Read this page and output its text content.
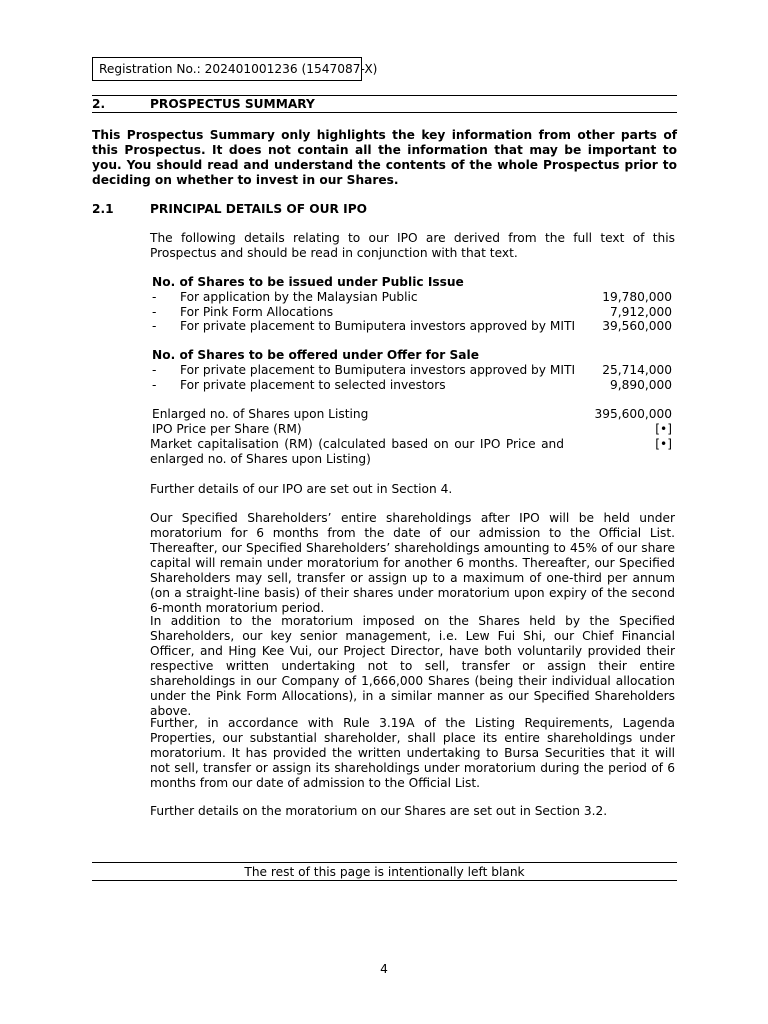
Registration No.: 202401001236 (1547087-X)
2.	PROSPECTUS SUMMARY
This Prospectus Summary only highlights the key information from other parts of this Prospectus. It does not contain all the information that may be important to you. You should read and understand the contents of the whole Prospectus prior to deciding on whether to invest in our Shares.
2.1	PRINCIPAL DETAILS OF OUR IPO
The following details relating to our IPO are derived from the full text of this Prospectus and should be read in conjunction with that text.
No. of Shares to be issued under Public Issue
- For application by the Malaysian Public	19,780,000
- For Pink Form Allocations	7,912,000
- For private placement to Bumiputera investors approved by MITI 39,560,000
No. of Shares to be offered under Offer for Sale
- For private placement to Bumiputera investors approved by MITI 25,714,000
- For private placement to selected investors	9,890,000
Enlarged no. of Shares upon Listing	395,600,000
IPO Price per Share (RM)	[•]
Market capitalisation (RM) (calculated based on our IPO Price and enlarged no. of Shares upon Listing)
[•]
Further details of our IPO are set out in Section 4.
Our Specified Shareholders’ entire shareholdings after IPO will be held under moratorium for 6 months from the date of our admission to the Official List. Thereafter, our Specified Shareholders’ shareholdings amounting to 45% of our share capital will remain under moratorium for another 6 months. Thereafter, our Specified Shareholders may sell, transfer or assign up to a maximum of one-third per annum (on a straight-line basis) of their shares under moratorium upon expiry of the second 6-month moratorium period.
In addition to the moratorium imposed on the Shares held by the Specified Shareholders, our key senior management, i.e. Lew Fui Shi, our Chief Financial Officer, and Hing Kee Vui, our Project Director, have both voluntarily provided their respective written undertaking not to sell, transfer or assign their entire shareholdings in our Company of 1,666,000 Shares (being their individual allocation under the Pink Form Allocations), in a similar manner as our Specified Shareholders above.
Further, in accordance with Rule 3.19A of the Listing Requirements, Lagenda Properties, our substantial shareholder, shall place its entire shareholdings under moratorium. It has provided the written undertaking to Bursa Securities that it will not sell, transfer or assign its shareholdings under moratorium during the period of 6 months from our date of admission to the Official List.
Further details on the moratorium on our Shares are set out in Section 3.2.
The rest of this page is intentionally left blank
4
